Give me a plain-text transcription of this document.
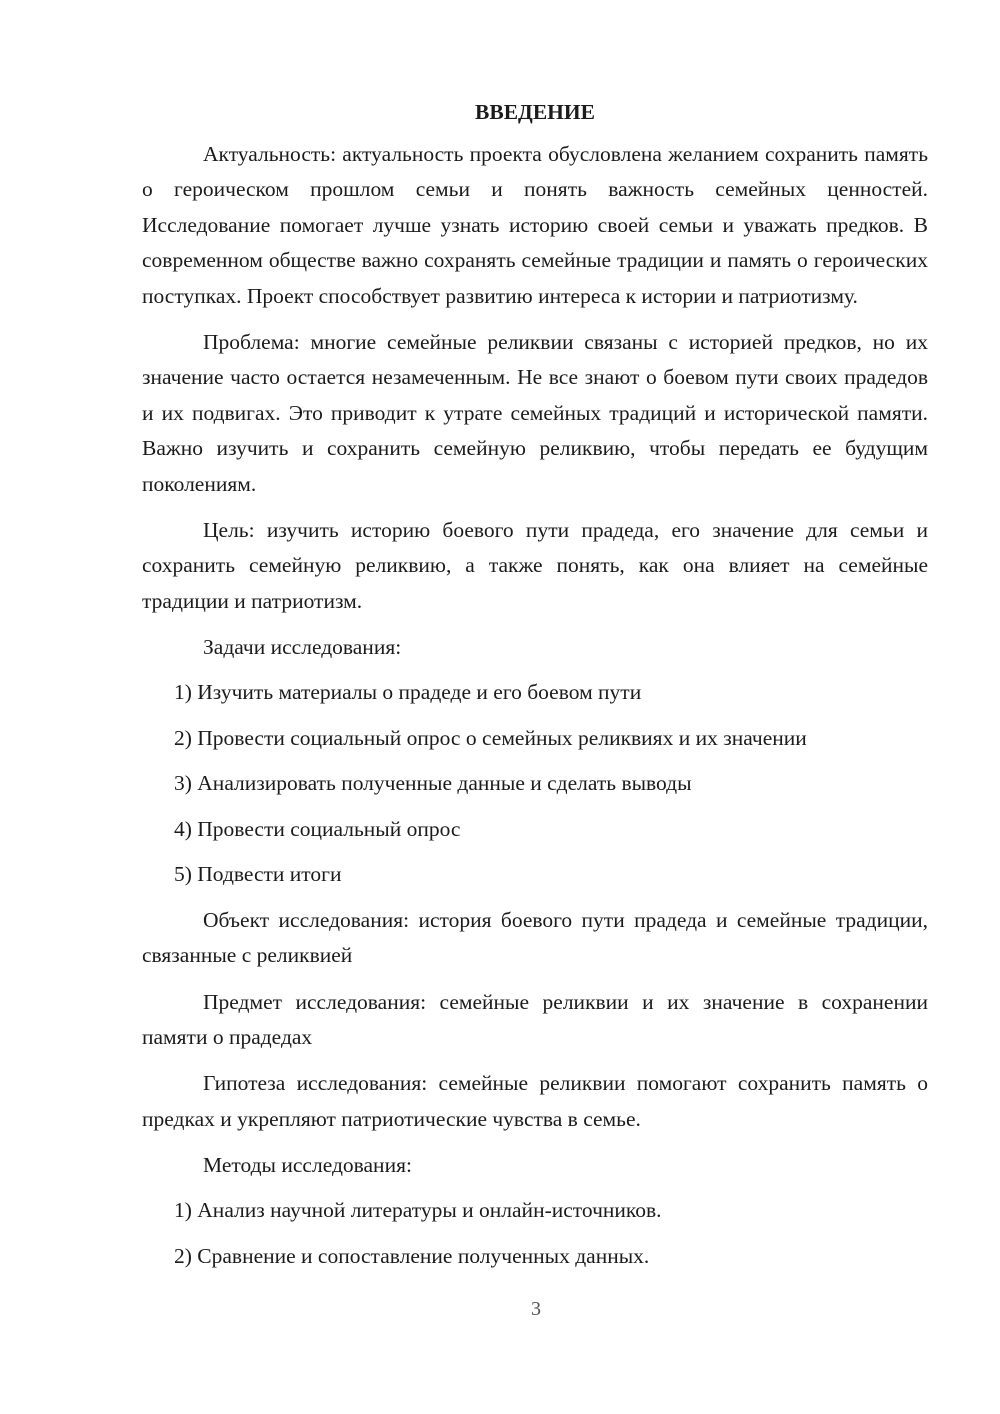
ВВЕДЕНИЕ

Актуальность: актуальность проекта обусловлена желанием сохранить память о героическом прошлом семьи и понять важность семейных ценностей. Исследование помогает лучше узнать историю своей семьи и уважать предков. В современном обществе важно сохранять семейные традиции и память о героических поступках. Проект способствует развитию интереса к истории и патриотизму.

Проблема: многие семейные реликвии связаны с историей предков, но их значение часто остается незамеченным. Не все знают о боевом пути своих прадедов и их подвигах. Это приводит к утрате семейных традиций и исторической памяти. Важно изучить и сохранить семейную реликвию, чтобы передать ее будущим поколениям.

Цель: изучить историю боевого пути прадеда, его значение для семьи и сохранить семейную реликвию, а также понять, как она влияет на семейные традиции и патриотизм.

Задачи исследования:
1) Изучить материалы о прадеде и его боевом пути
2) Провести социальный опрос о семейных реликвиях и их значении
3) Анализировать полученные данные и сделать выводы
4) Провести социальный опрос
5) Подвести итоги

Объект исследования: история боевого пути прадеда и семейные традиции, связанные с реликвией

Предмет исследования: семейные реликвии и их значение в сохранении памяти о прадедах

Гипотеза исследования: семейные реликвии помогают сохранить память о предках и укрепляют патриотические чувства в семье.

Методы исследования:
1) Анализ научной литературы и онлайн-источников.
2) Сравнение и сопоставление полученных данных.
3
